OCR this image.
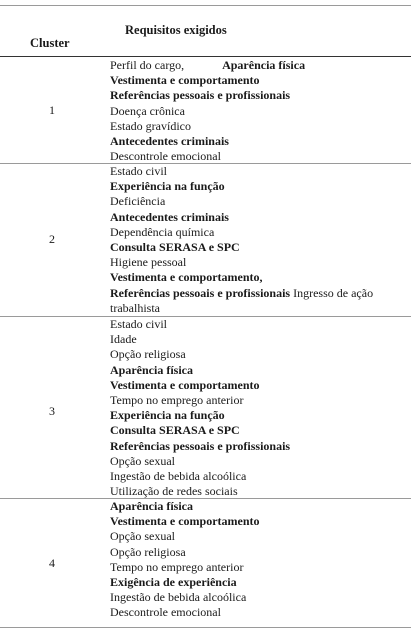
Cluster
Requisitos exigidos
1
Perfil do cargo,	Aparência física
Vestimenta e comportamento
Referências pessoais e profissionais
Doença crônica
Estado gravídico
Antecedentes criminais
Descontrole emocional
2
Estado civil
Experiência na função
Deficiência
Antecedentes criminais
Dependência química
Consulta SERASA e SPC
Higiene pessoal
Vestimenta e comportamento,
Referências pessoais e profissionais Ingresso de ação
trabalhista
3
Estado civil
Idade
Opção religiosa
Aparência física
Vestimenta e comportamento
Tempo no emprego anterior
Experiência na função
Consulta SERASA e SPC
Referências pessoais e profissionais
Opção sexual
Ingestão de bebida alcoólica
Utilização de redes sociais
4
Aparência física
Vestimenta e comportamento
Opção sexual
Opção religiosa
Tempo no emprego anterior
Exigência de experiência
Ingestão de bebida alcoólica
Descontrole emocional
